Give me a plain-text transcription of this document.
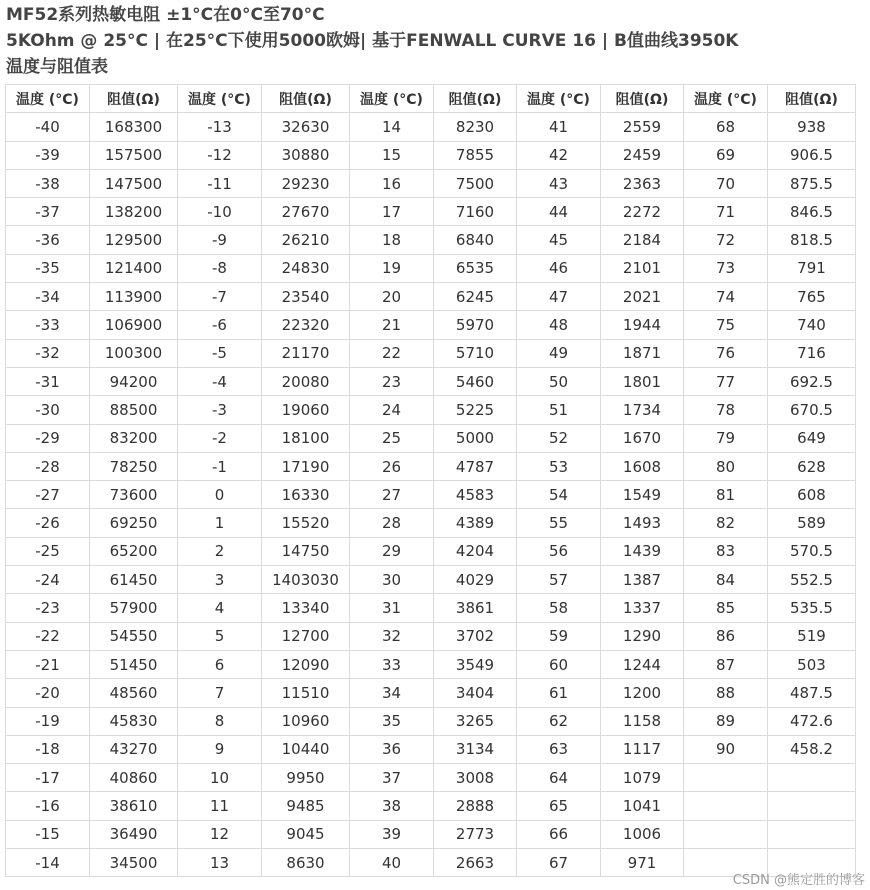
MF52系列热敏电阻 ±1°C在0°C至70°C
5KOhm @ 25°C | 在25°C下使用5000欧姆| 基于FENWALL CURVE 16 | B值曲线3950K
温度与阻值表
温度 (°C)	阻值(Ω)	温度 (°C)	阻值(Ω)	温度 (°C)	阻值(Ω)	温度 (°C)	阻值(Ω)	温度 (°C)	阻值(Ω)
-40	168300	-13	32630	14	8230	41	2559	68	938
-39	157500	-12	30880	15	7855	42	2459	69	906.5
-38	147500	-11	29230	16	7500	43	2363	70	875.5
-37	138200	-10	27670	17	7160	44	2272	71	846.5
-36	129500	-9	26210	18	6840	45	2184	72	818.5
-35	121400	-8	24830	19	6535	46	2101	73	791
-34	113900	-7	23540	20	6245	47	2021	74	765
-33	106900	-6	22320	21	5970	48	1944	75	740
-32	100300	-5	21170	22	5710	49	1871	76	716
-31	94200	-4	20080	23	5460	50	1801	77	692.5
-30	88500	-3	19060	24	5225	51	1734	78	670.5
-29	83200	-2	18100	25	5000	52	1670	79	649
-28	78250	-1	17190	26	4787	53	1608	80	628
-27	73600	0	16330	27	4583	54	1549	81	608
-26	69250	1	15520	28	4389	55	1493	82	589
-25	65200	2	14750	29	4204	56	1439	83	570.5
-24	61450	3	1403030	30	4029	57	1387	84	552.5
-23	57900	4	13340	31	3861	58	1337	85	535.5
-22	54550	5	12700	32	3702	59	1290	86	519
-21	51450	6	12090	33	3549	60	1244	87	503
-20	48560	7	11510	34	3404	61	1200	88	487.5
-19	45830	8	10960	35	3265	62	1158	89	472.6
-18	43270	9	10440	36	3134	63	1117	90	458.2
-17	40860	10	9950	37	3008	64	1079		
-16	38610	11	9485	38	2888	65	1041		
-15	36490	12	9045	39	2773	66	1006		
-14	34500	13	8630	40	2663	67	971		
CSDN @熊定胜的博客
